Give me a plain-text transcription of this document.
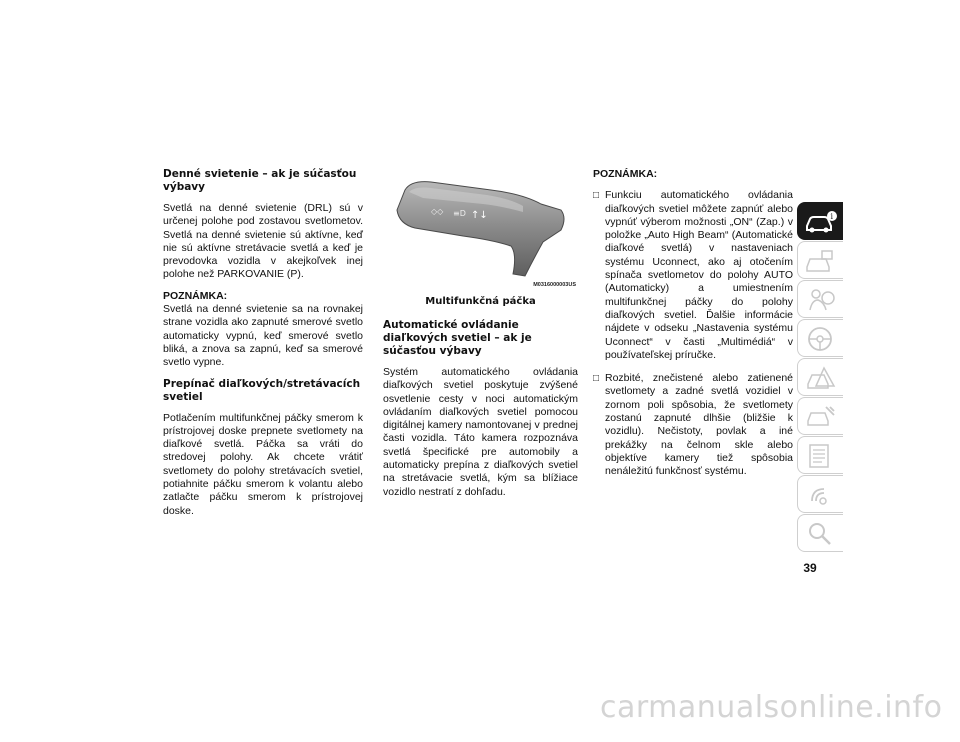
Denné svietenie – ak je súčasťou výbavy
Svetlá na denné svietenie (DRL) sú v určenej polohe pod zostavou svetlometov. Svetlá na denné svietenie sú aktívne, keď nie sú aktívne stretávacie svetlá a keď je prevodovka vozidla v akejkoľvek inej polohe než PARKOVANIE (P).
POZNÁMKA:
Svetlá na denné svietenie sa na rovnakej strane vozidla ako zapnuté smerové svetlo automaticky vypnú, keď smerové svetlo bliká, a znova sa zapnú, keď sa smerové svetlo vypne.
Prepínač diaľkových/stretávacích svetiel
Potlačením multifunkčnej páčky smerom k prístrojovej doske prepnete svetlomety na diaľkové svetlá. Páčka sa vráti do stredovej polohy. Ak chcete vrátiť svetlomety do polohy stretávacích svetiel, potiahnite páčku smerom k volantu alebo zatlačte páčku smerom k prístrojovej doske.
◇◇ ≡D ↑↓
M0316000003US
Multifunkčná páčka
Automatické ovládanie diaľkových svetiel – ak je súčasťou výbavy
Systém automatického ovládania diaľkových svetiel poskytuje zvýšené osvetlenie cesty v noci automatickým ovládaním diaľkových svetiel pomocou digitálnej kamery namontovanej v prednej časti vozidla. Táto kamera rozpoznáva svetlá špecifické pre automobily a automaticky prepína z diaľkových svetiel na stretávacie svetlá, kým sa blížiace vozidlo nestratí z dohľadu.
POZNÁMKA:
□ Funkciu automatického ovládania diaľkových svetiel môžete zapnúť alebo vypnúť výberom možnosti „ON“ (Zap.) v položke „Auto High Beam“ (Automatické diaľkové svetlá) v nastaveniach systému Uconnect, ako aj otočením spínača svetlometov do polohy AUTO (Automaticky) a umiestnením multifunkčnej páčky do polohy diaľkových svetiel. Ďalšie informácie nájdete v odseku „Nastavenia systému Uconnect“ v časti „Multimédiá“ v používateľskej príručke.
□ Rozbité, znečistené alebo zatienené svetlomety a zadné svetlá vozidiel v zornom poli spôsobia, že svetlomety zostanú zapnuté dlhšie (bližšie k vozidlu). Nečistoty, povlak a iné prekážky na čelnom skle alebo objektíve kamery tiež spôsobia nenáležitú funkčnosť systému.
i
39
carmanualsonline.info
